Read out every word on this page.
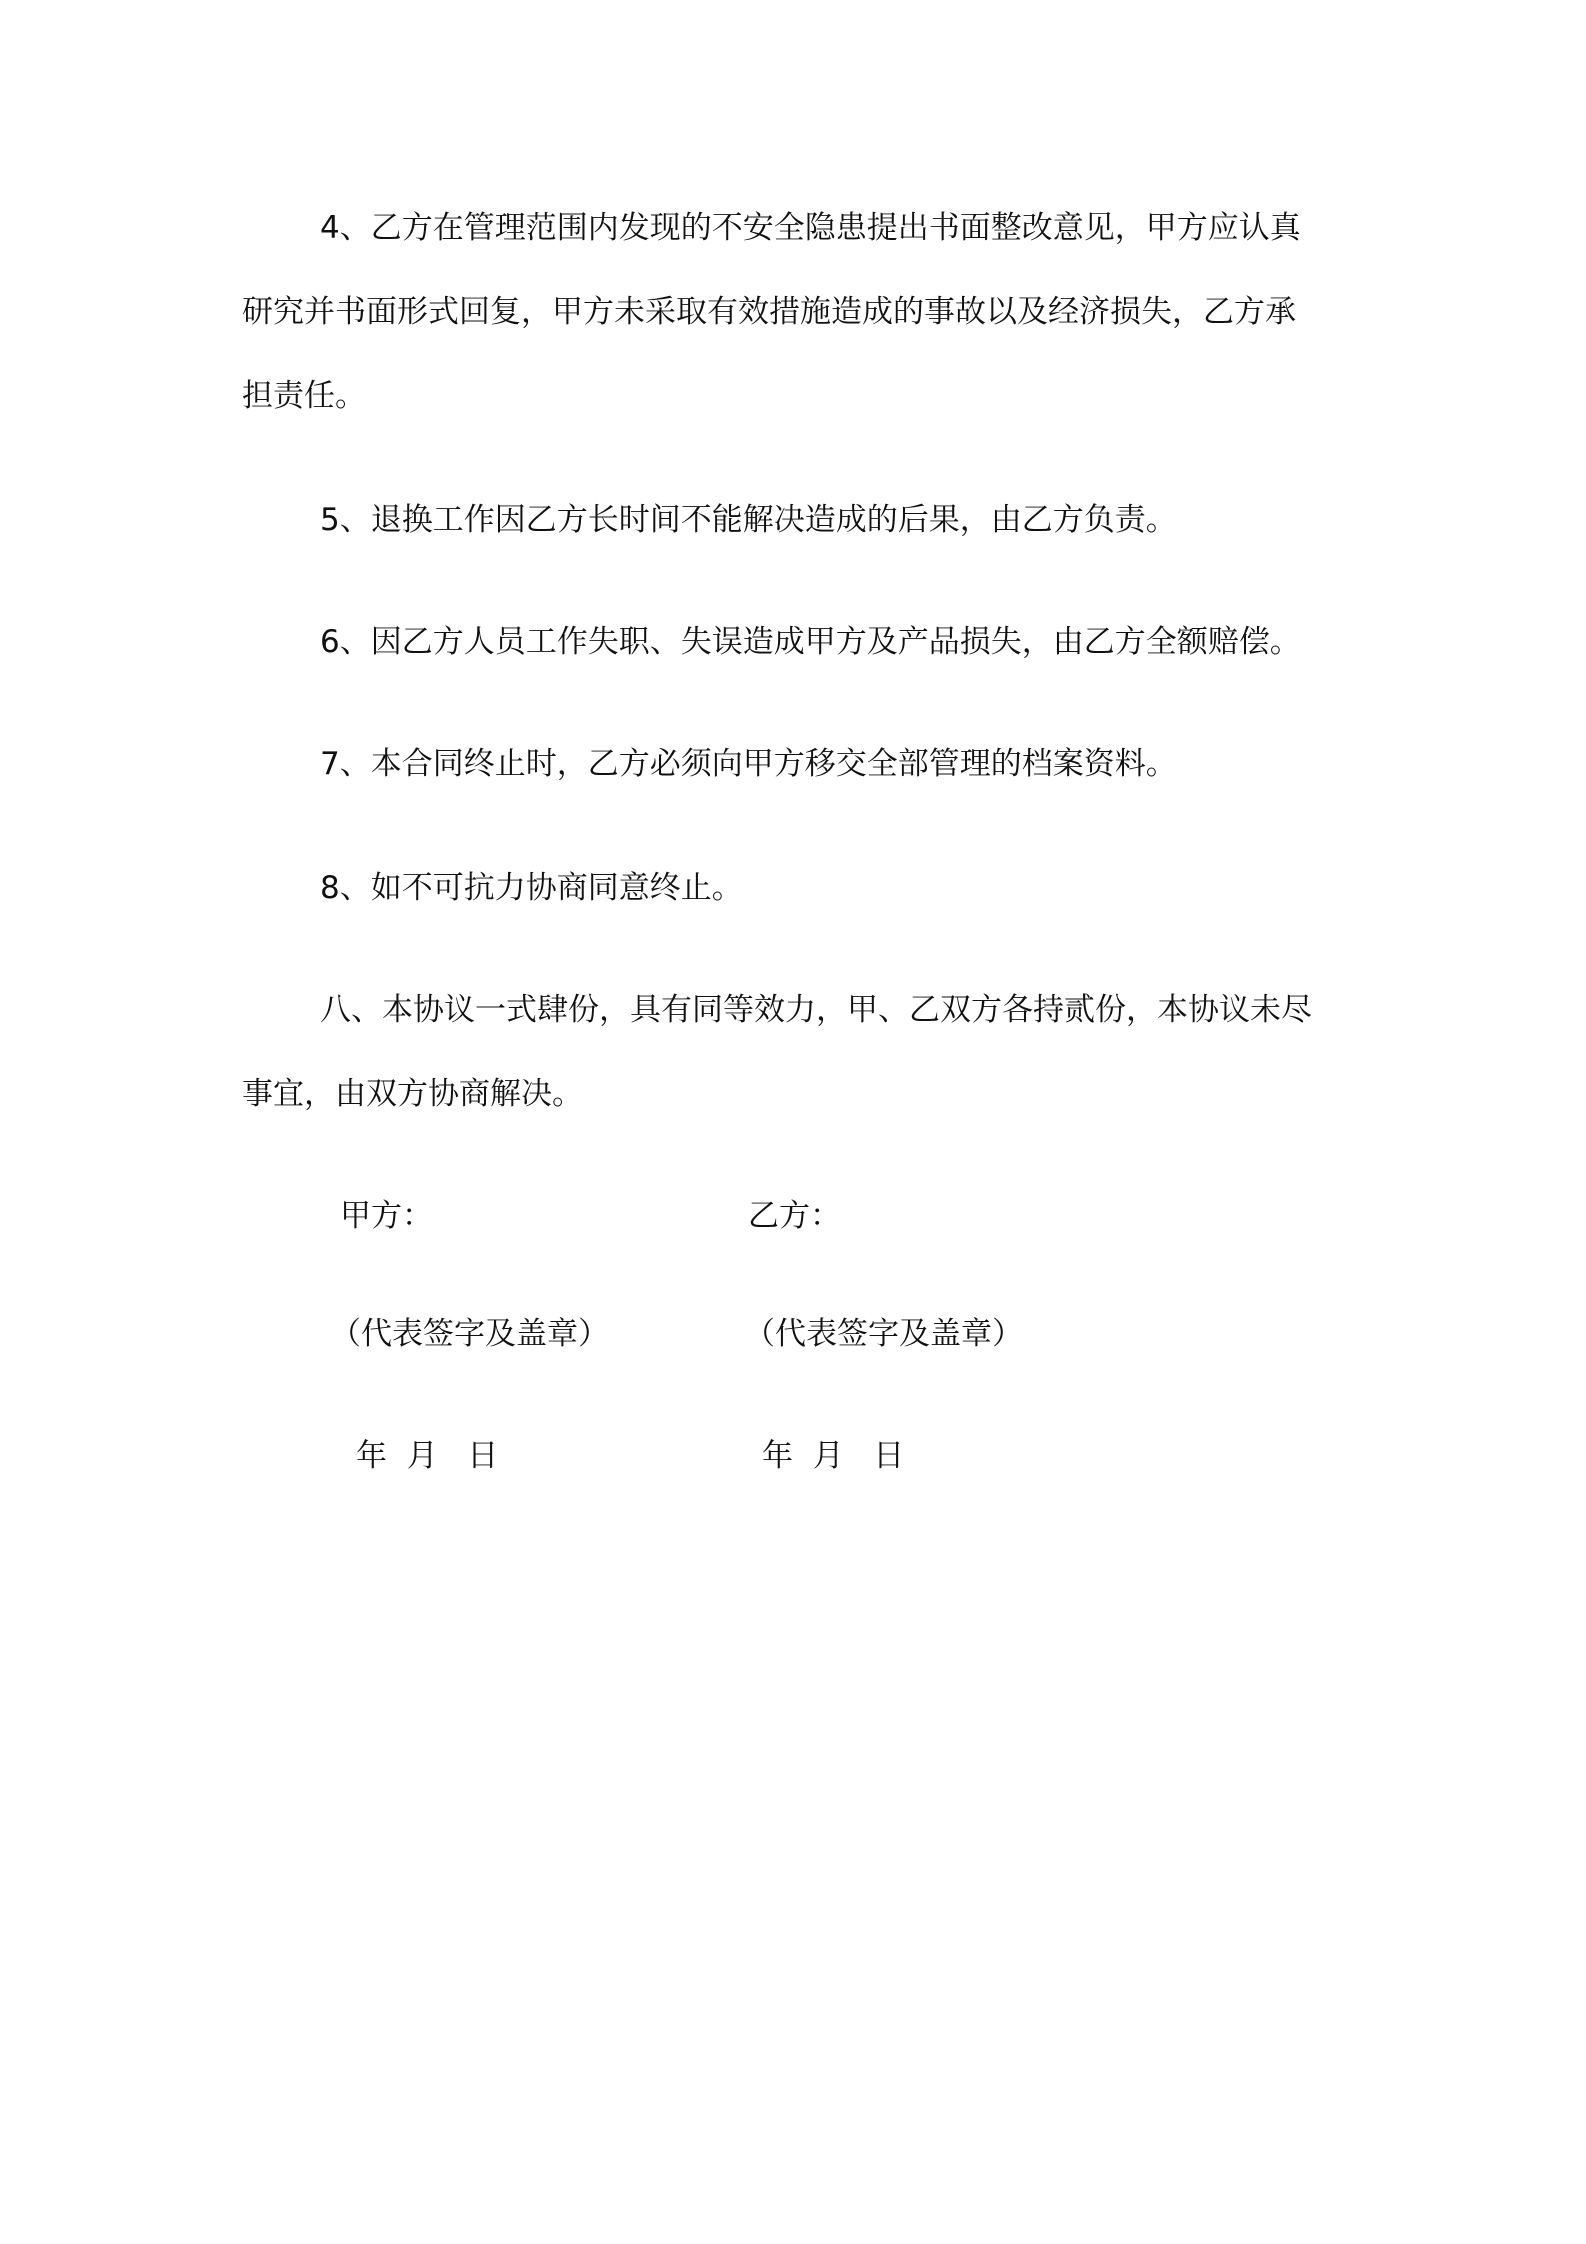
4、乙方在管理范围内发现的不安全隐患提出书面整改意见，甲方应认真

研究并书面形式回复，甲方未采取有效措施造成的事故以及经济损失，乙方承

担责任。

5、退换工作因乙方长时间不能解决造成的后果，由乙方负责。

6、因乙方人员工作失职、失误造成甲方及产品损失，由乙方全额赔偿。

7、本合同终止时，乙方必须向甲方移交全部管理的档案资料。

8、如不可抗力协商同意终止。

八、本协议一式肆份，具有同等效力，甲、乙双方各持贰份，本协议未尽

事宜，由双方协商解决。

甲方：

（代表签字及盖章）

年  月   日

乙方：

（代表签字及盖章）

年  月   日
